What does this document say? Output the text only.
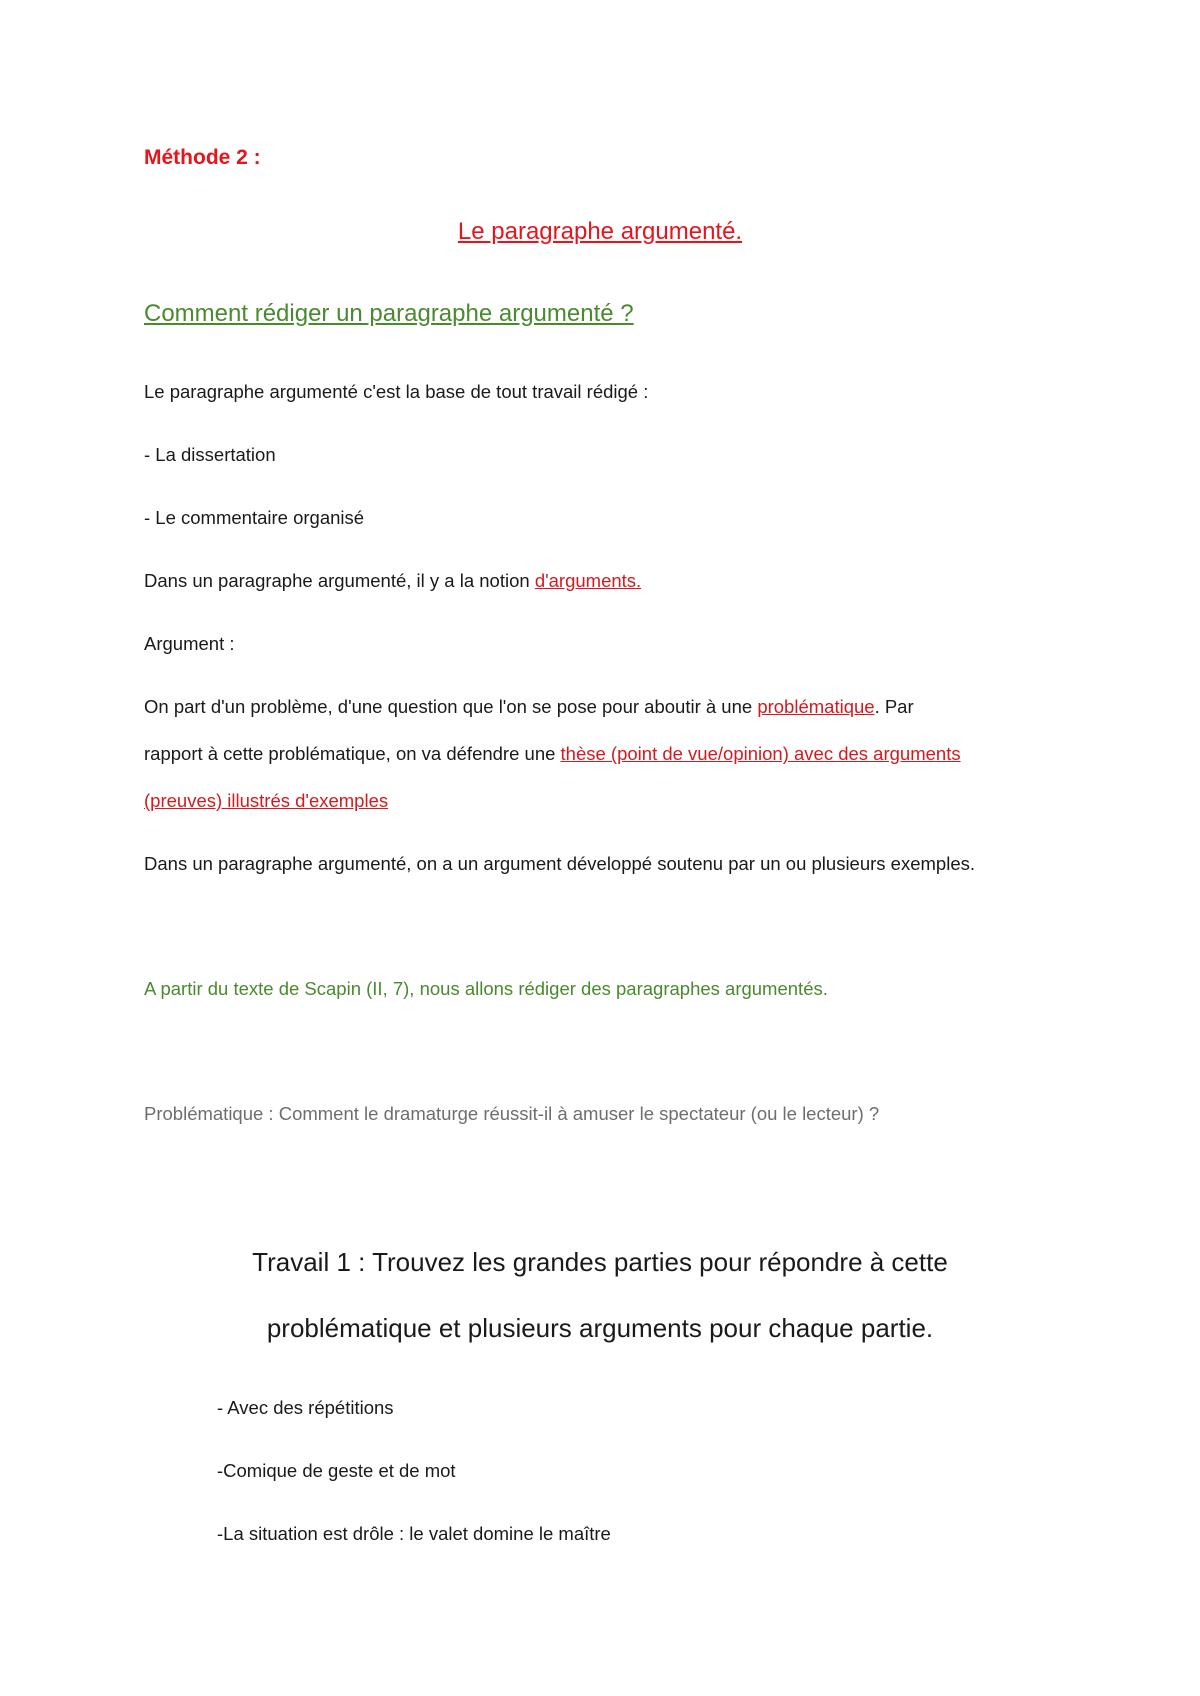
Méthode 2 :
Le paragraphe argumenté.
Comment rédiger un paragraphe argumenté ?
Le paragraphe argumenté c'est la base de tout travail rédigé :
- La dissertation
- Le commentaire organisé
Dans un paragraphe argumenté, il y a la notion d'arguments.
Argument :
On part d'un problème, d'une question que l'on se pose pour aboutir à une problématique. Par
rapport à cette problématique, on va défendre une thèse (point de vue/opinion) avec des arguments
(preuves) illustrés d'exemples
Dans un paragraphe argumenté, on a un argument développé soutenu par un ou plusieurs exemples.
A partir du texte de Scapin (II, 7), nous allons rédiger des paragraphes argumentés.
Problématique : Comment le dramaturge réussit-il à amuser le spectateur (ou le lecteur) ?
Travail 1 : Trouvez les grandes parties pour répondre à cette
problématique et plusieurs arguments pour chaque partie.
- Avec des répétitions
-Comique de geste et de mot
-La situation est drôle : le valet domine le maître
